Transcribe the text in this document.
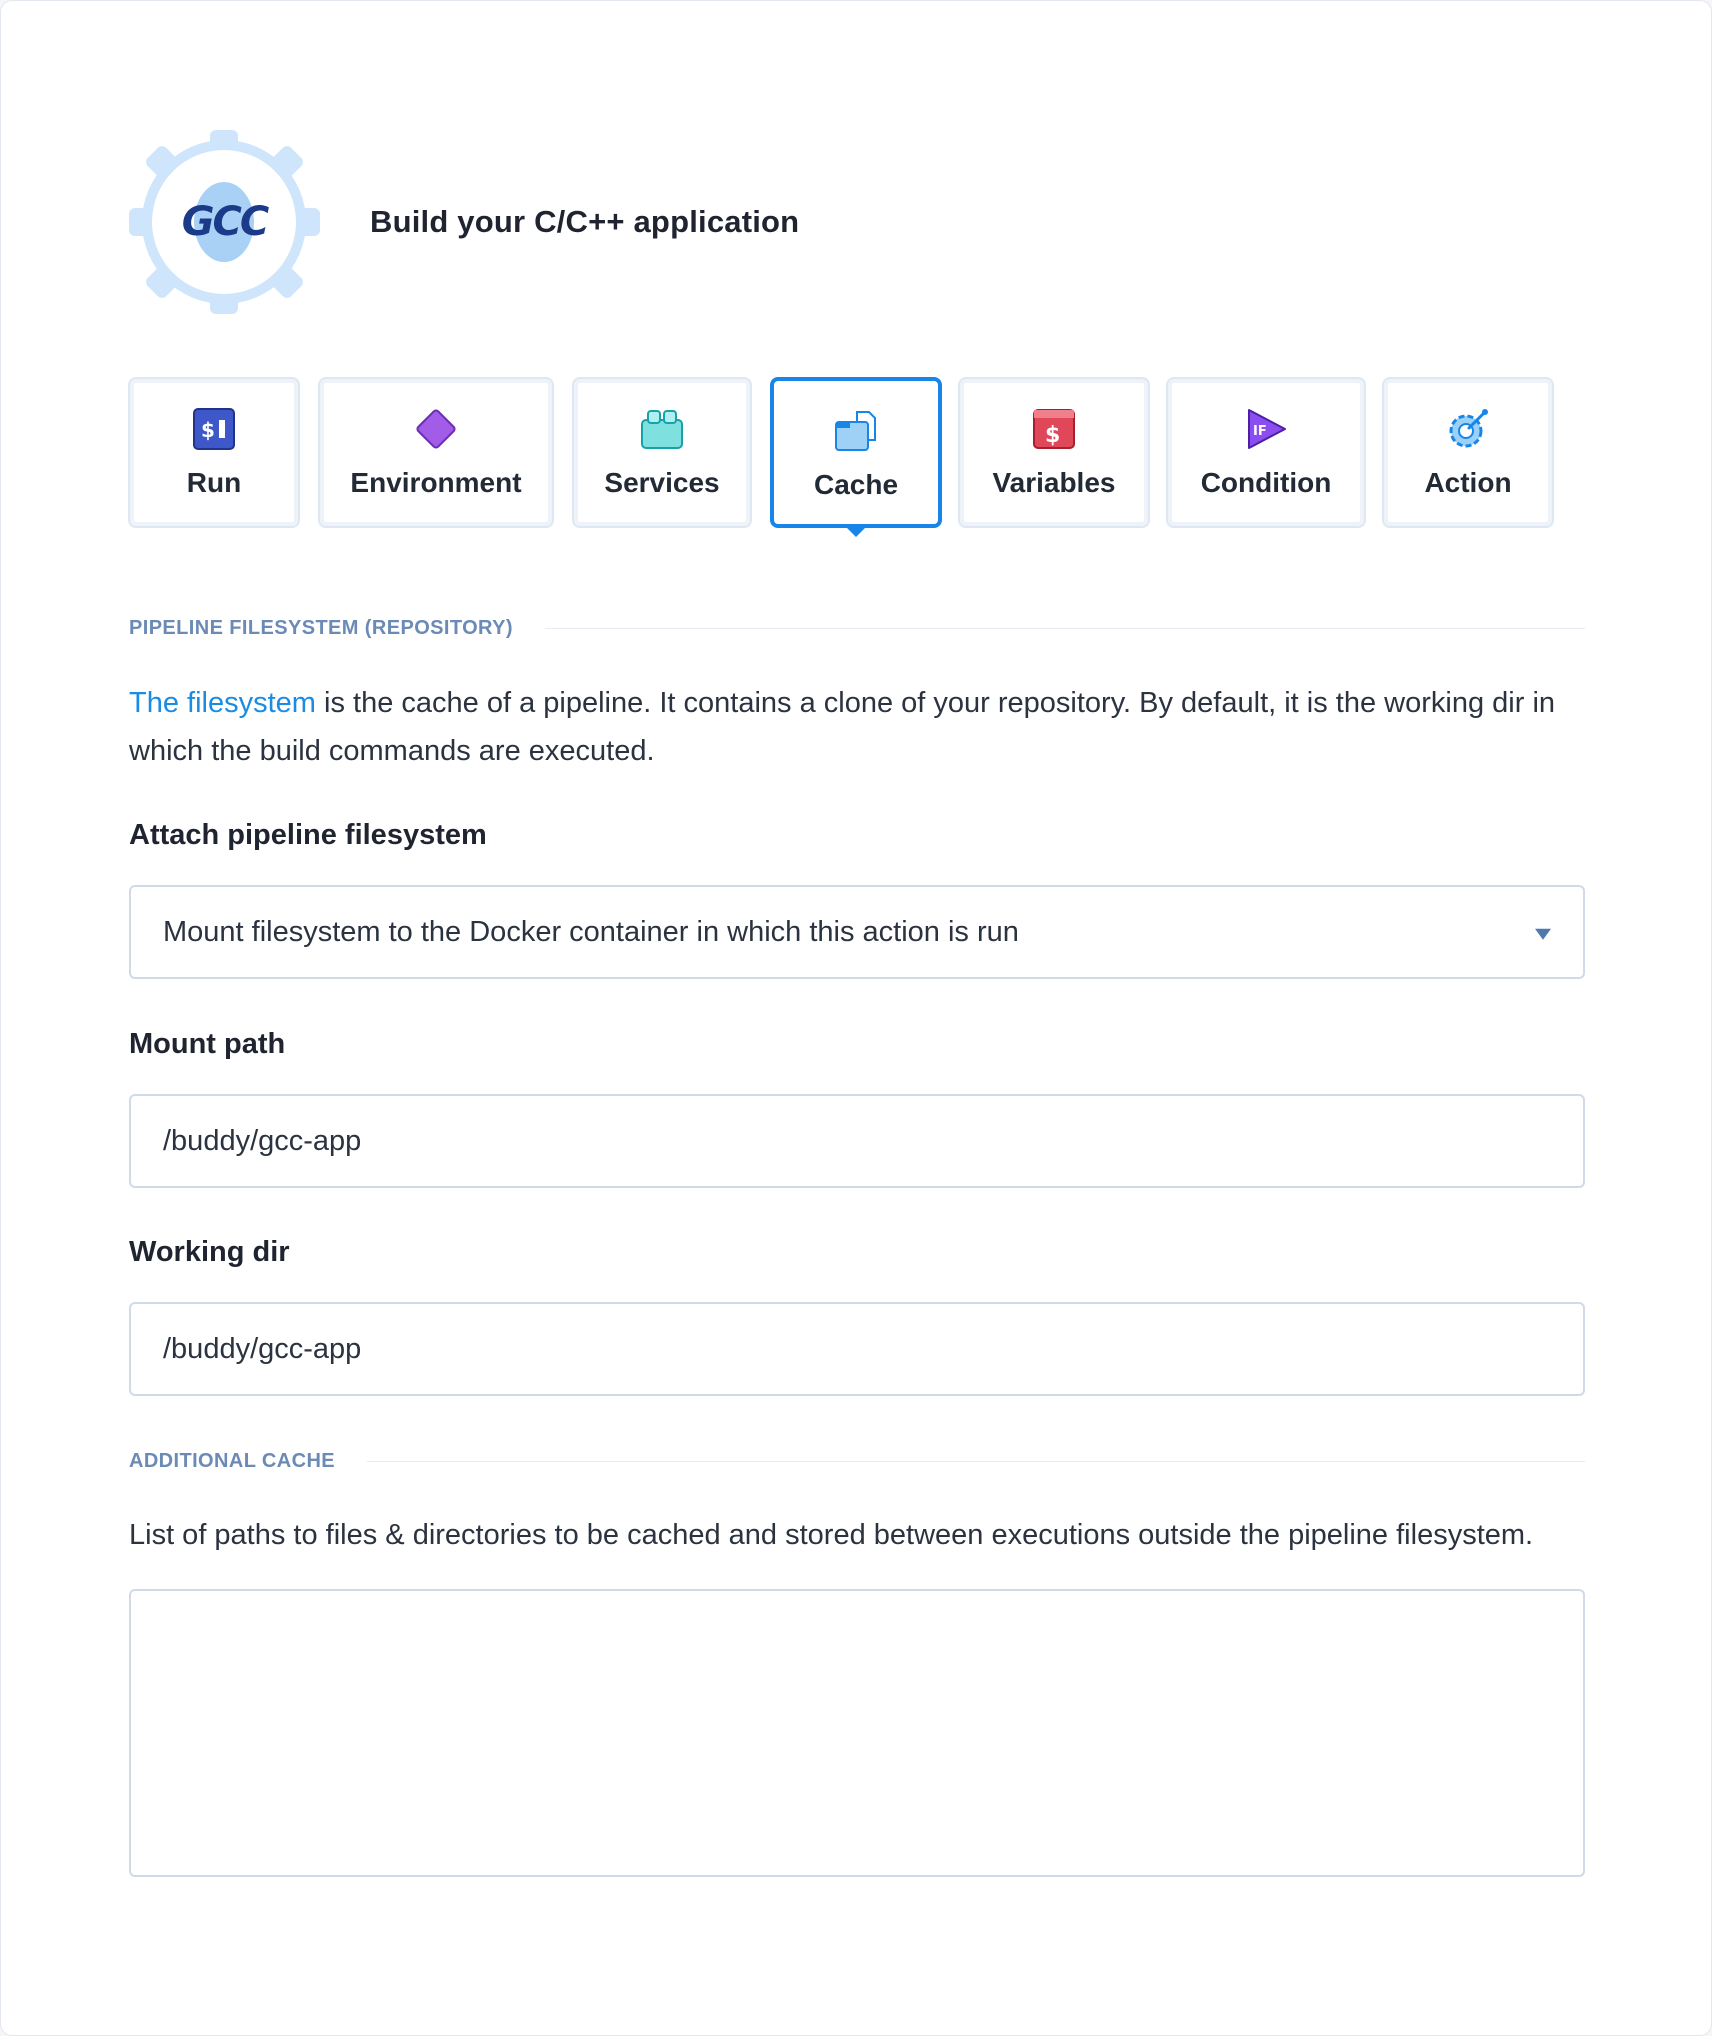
GCC	Build your C/C++ application
$
Run	Environment	Services	Cache
$
Variables
IF
Condition	Action
PIPELINE FILESYSTEM (REPOSITORY)
The filesystem is the cache of a pipeline. It contains a clone of your repository. By default, it is the working dir in which the build commands are executed.
Attach pipeline filesystem
Mount filesystem to the Docker container in which this action is run
Mount path
/buddy/gcc-app
Working dir
/buddy/gcc-app
ADDITIONAL CACHE
List of paths to files & directories to be cached and stored between executions outside the pipeline filesystem.
